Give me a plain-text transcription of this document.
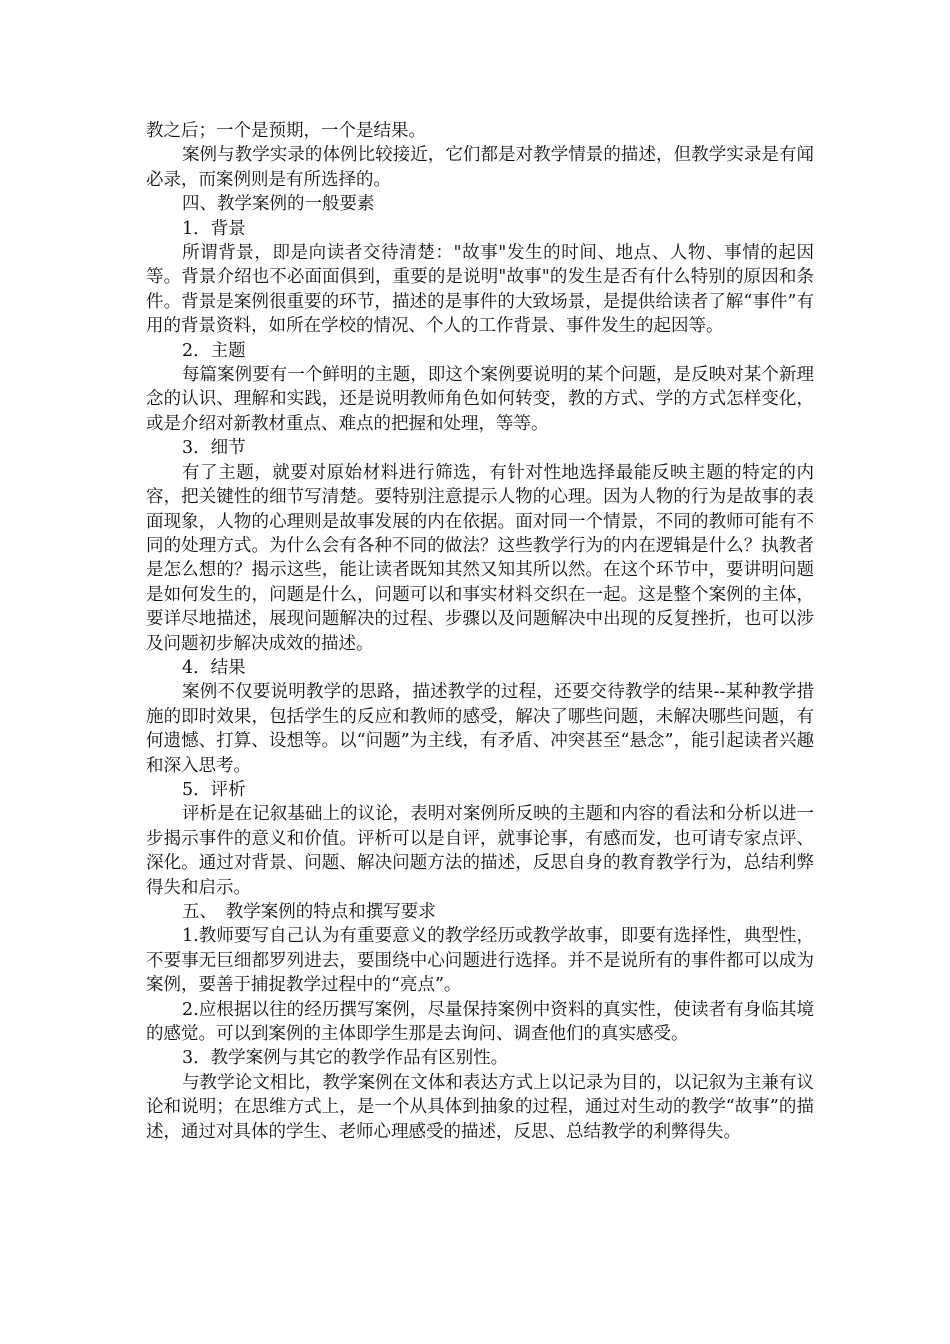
教之后；一个是预期，一个是结果。

案例与教学实录的体例比较接近，它们都是对教学情景的描述，但教学实录是有闻必录，而案例则是有所选择的。

四、教学案例的一般要素

1．背景

所谓背景，即是向读者交待清楚："故事"发生的时间、地点、人物、事情的起因等。背景介绍也不必面面俱到，重要的是说明"故事"的发生是否有什么特别的原因和条件。背景是案例很重要的环节，描述的是事件的大致场景，是提供给读者了解“事件”有用的背景资料，如所在学校的情况、个人的工作背景、事件发生的起因等。

2．主题

每篇案例要有一个鲜明的主题，即这个案例要说明的某个问题，是反映对某个新理念的认识、理解和实践，还是说明教师角色如何转变，教的方式、学的方式怎样变化，或是介绍对新教材重点、难点的把握和处理，等等。

3．细节

有了主题，就要对原始材料进行筛选，有针对性地选择最能反映主题的特定的内容，把关键性的细节写清楚。要特别注意提示人物的心理。因为人物的行为是故事的表面现象，人物的心理则是故事发展的内在依据。面对同一个情景，不同的教师可能有不同的处理方式。为什么会有各种不同的做法？这些教学行为的内在逻辑是什么？执教者是怎么想的？揭示这些，能让读者既知其然又知其所以然。在这个环节中，要讲明问题是如何发生的，问题是什么，问题可以和事实材料交织在一起。这是整个案例的主体，要详尽地描述，展现问题解决的过程、步骤以及问题解决中出现的反复挫折，也可以涉及问题初步解决成效的描述。

4．结果

案例不仅要说明教学的思路，描述教学的过程，还要交待教学的结果--某种教学措施的即时效果，包括学生的反应和教师的感受，解决了哪些问题，未解决哪些问题，有何遗憾、打算、设想等。以“问题”为主线，有矛盾、冲突甚至“悬念”，能引起读者兴趣和深入思考。

5．评析

评析是在记叙基础上的议论，表明对案例所反映的主题和内容的看法和分析以进一步揭示事件的意义和价值。评析可以是自评，就事论事，有感而发，也可请专家点评、深化。通过对背景、问题、解决问题方法的描述，反思自身的教育教学行为，总结利弊得失和启示。

五、　教学案例的特点和撰写要求

1.教师要写自己认为有重要意义的教学经历或教学故事，即要有选择性，典型性，不要事无巨细都罗列进去，要围绕中心问题进行选择。并不是说所有的事件都可以成为案例，要善于捕捉教学过程中的“亮点”。

2.应根据以往的经历撰写案例，尽量保持案例中资料的真实性，使读者有身临其境的感觉。可以到案例的主体即学生那是去询问、调查他们的真实感受。

3．教学案例与其它的教学作品有区别性。

与教学论文相比，教学案例在文体和表达方式上以记录为目的，以记叙为主兼有议论和说明；在思维方式上，是一个从具体到抽象的过程，通过对生动的教学“故事”的描述，通过对具体的学生、老师心理感受的描述，反思、总结教学的利弊得失。
